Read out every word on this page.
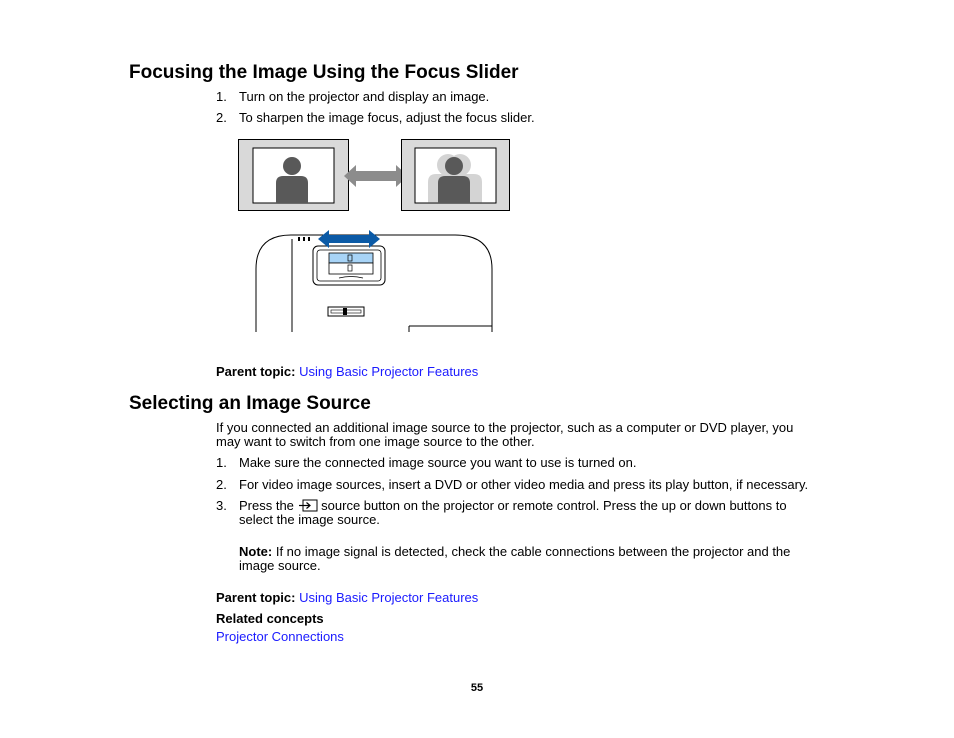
Focusing the Image Using the Focus Slider
1. Turn on the projector and display an image.
2. To sharpen the image focus, adjust the focus slider.
Parent topic: Using Basic Projector Features
Selecting an Image Source
If you connected an additional image source to the projector, such as a computer or DVD player, you
may want to switch from one image source to the other.
1. Make sure the connected image source you want to use is turned on.
2. For video image sources, insert a DVD or other video media and press its play button, if necessary.
3. Press the source button on the projector or remote control. Press the up or down buttons to
select the image source.
Note: If no image signal is detected, check the cable connections between the projector and the
image source.
Parent topic: Using Basic Projector Features
Related concepts
Projector Connections
55
